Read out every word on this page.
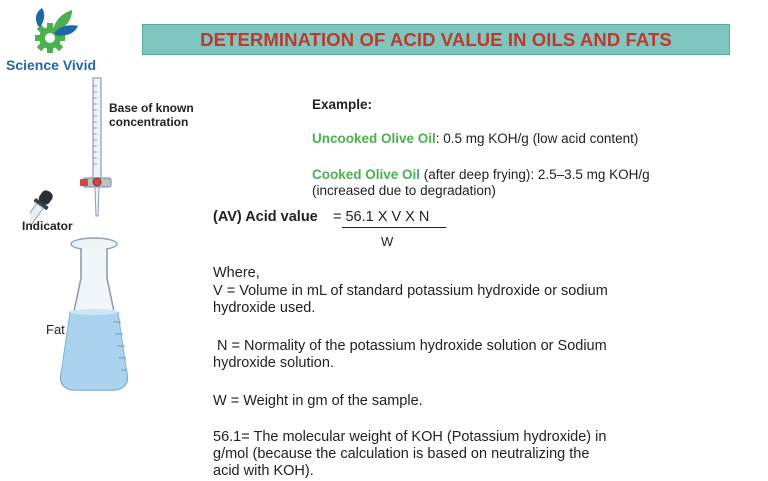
DETERMINATION OF ACID VALUE IN OILS AND FATS
Science Vivid
Base of known
concentration
Indicator
Fat
Example:
Uncooked Olive Oil: 0.5 mg KOH/g (low acid content)
Cooked Olive Oil (after deep frying): 2.5–3.5 mg KOH/g
(increased due to degradation)
(AV) Acid value = 56.1 X V X N
W
Where,
V = Volume in mL of standard potassium hydroxide or sodium
hydroxide used.
N = Normality of the potassium hydroxide solution or Sodium
hydroxide solution.
W = Weight in gm of the sample.
56.1= The molecular weight of KOH (Potassium hydroxide) in
g/mol (because the calculation is based on neutralizing the
acid with KOH).
